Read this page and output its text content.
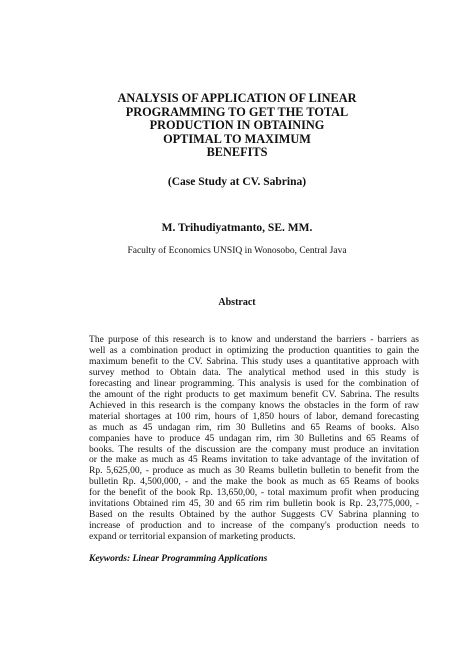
ANALYSIS OF APPLICATION OF LINEAR
PROGRAMMING TO GET THE TOTAL
PRODUCTION IN OBTAINING
OPTIMAL TO MAXIMUM
BENEFITS

(Case Study at CV. Sabrina)

M. Trihudiyatmanto, SE. MM.

Faculty of Economics UNSIQ in Wonosobo, Central Java

Abstract

The purpose of this research is to know and understand the barriers - barriers as
well as a combination product in optimizing the production quantities to gain the
maximum benefit to the CV. Sabrina. This study uses a quantitative approach with
survey method to Obtain data. The analytical method used in this study is
forecasting and linear programming. This analysis is used for the combination of
the amount of the right products to get maximum benefit CV. Sabrina. The results
Achieved in this research is the company knows the obstacles in the form of raw
material shortages at 100 rim, hours of 1,850 hours of labor, demand forecasting
as much as 45 undagan rim, rim 30 Bulletins and 65 Reams of books. Also
companies have to produce 45 undagan rim, rim 30 Bulletins and 65 Reams of
books. The results of the discussion are the company must produce an invitation
or the make as much as 45 Reams invitation to take advantage of the invitation of
Rp. 5,625,00, - produce as much as 30 Reams bulletin bulletin to benefit from the
bulletin Rp. 4,500,000, - and the make the book as much as 65 Reams of books
for the benefit of the book Rp. 13,650,00, - total maximum profit when producing
invitations Obtained rim 45, 30 and 65 rim rim bulletin book is Rp. 23,775,000, -
Based on the results Obtained by the author Suggests CV Sabrina planning to
increase of production and to increase of the company's production needs to
expand or territorial expansion of marketing products.

Keywords: Linear Programming Applications
